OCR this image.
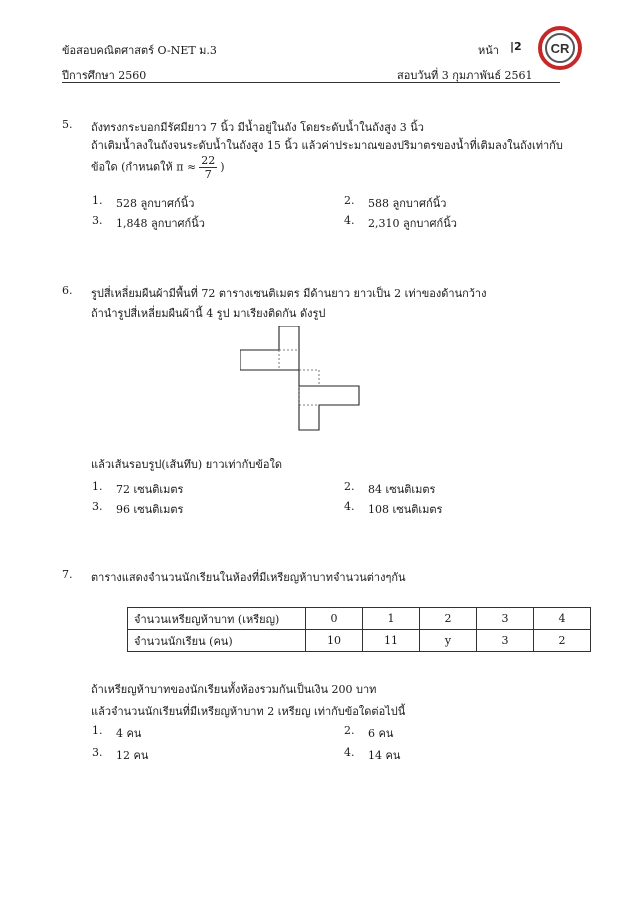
ข้อสอบคณิตศาสตร์ O-NET ม.3	หน้า |2
ปีการศึกษา 2560	สอบวันที่ 3 กุมภาพันธ์ 2561
CR
5. ถังทรงกระบอกมีรัศมียาว 7 นิ้ว มีน้ำอยู่ในถัง โดยระดับน้ำในถังสูง 3 นิ้ว
ถ้าเติมน้ำลงในถังจนระดับน้ำในถังสูง 15 นิ้ว แล้วค่าประมาณของปริมาตรของน้ำที่เติมลงในถังเท่ากับ
ข้อใด (กำหนดให้ $\pi \approx \frac{22}{7}$ )
1. 528 ลูกบาศก์นิ้ว	2. 588 ลูกบาศก์นิ้ว
3. 1,848 ลูกบาศก์นิ้ว	4. 2,310 ลูกบาศก์นิ้ว
6. รูปสี่เหลี่ยมผืนผ้ามีพื้นที่ 72 ตารางเซนติเมตร มีด้านยาว ยาวเป็น 2 เท่าของด้านกว้าง
ถ้านำรูปสี่เหลี่ยมผืนผ้านี้ 4 รูป มาเรียงติดกัน ดังรูป
แล้วเส้นรอบรูป(เส้นทึบ) ยาวเท่ากับข้อใด
1. 72 เซนติเมตร	2. 84 เซนติเมตร
3. 96 เซนติเมตร	4. 108 เซนติเมตร
7. ตารางแสดงจำนวนนักเรียนในห้องที่มีเหรียญห้าบาทจำนวนต่างๆกัน
จำนวนเหรียญห้าบาท (เหรียญ)	0	1	2	3	4
จำนวนนักเรียน (คน)	10	11	y	3	2
ถ้าเหรียญห้าบาทของนักเรียนทั้งห้องรวมกันเป็นเงิน 200 บาท
แล้วจำนวนนักเรียนที่มีเหรียญห้าบาท 2 เหรียญ เท่ากับข้อใดต่อไปนี้
1. 4 คน	2. 6 คน
3. 12 คน	4. 14 คน
